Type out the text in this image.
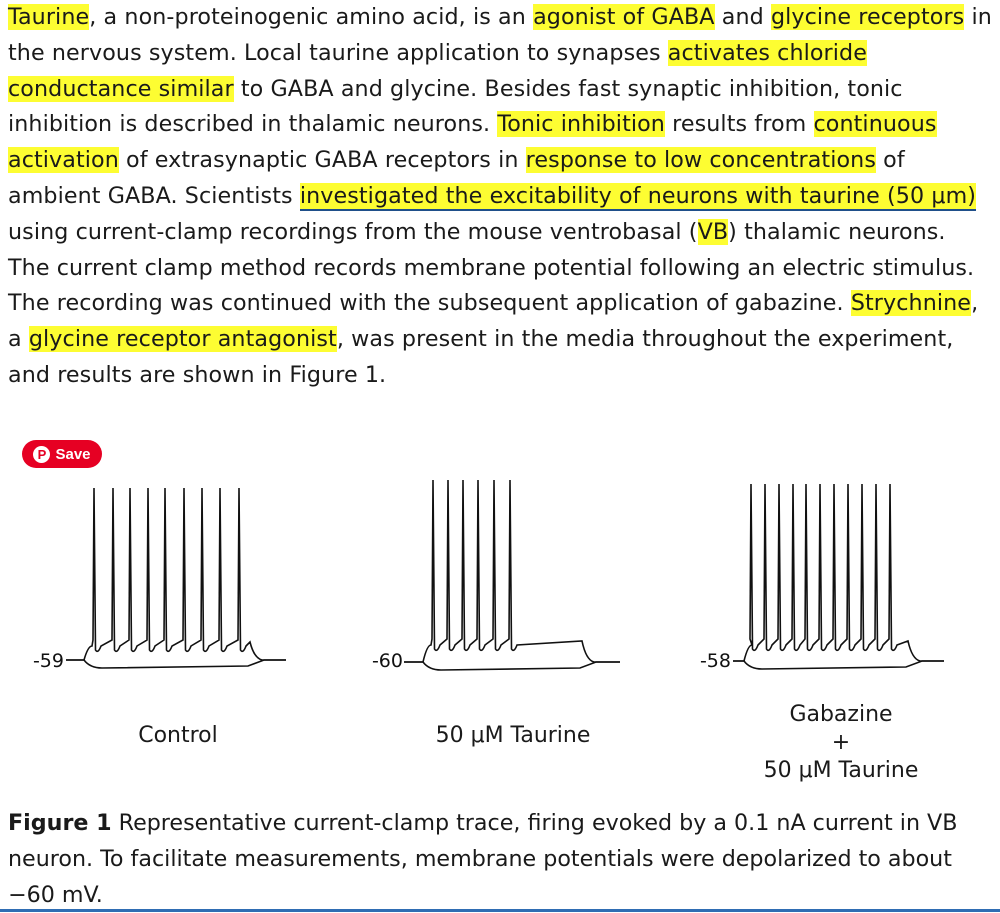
Taurine, a non-proteinogenic amino acid, is an agonist of GABA and glycine receptors in the nervous system. Local taurine application to synapses activates chloride conductance similar to GABA and glycine. Besides fast synaptic inhibition, tonic inhibition is described in thalamic neurons. Tonic inhibition results from continuous activation of extrasynaptic GABA receptors in response to low concentrations of ambient GABA. Scientists investigated the excitability of neurons with taurine (50 μm) using current-clamp recordings from the mouse ventrobasal (VB) thalamic neurons. The current clamp method records membrane potential following an electric stimulus. The recording was continued with the subsequent application of gabazine. Strychnine, a glycine receptor antagonist, was present in the media throughout the experiment, and results are shown in Figure 1.
P Save
-59	-60	-58
Control	50 μM Taurine
Gabazine
+
50 μM Taurine
Figure 1 Representative current-clamp trace, firing evoked by a 0.1 nA current in VB neuron. To facilitate measurements, membrane potentials were depolarized to about −60 mV.
